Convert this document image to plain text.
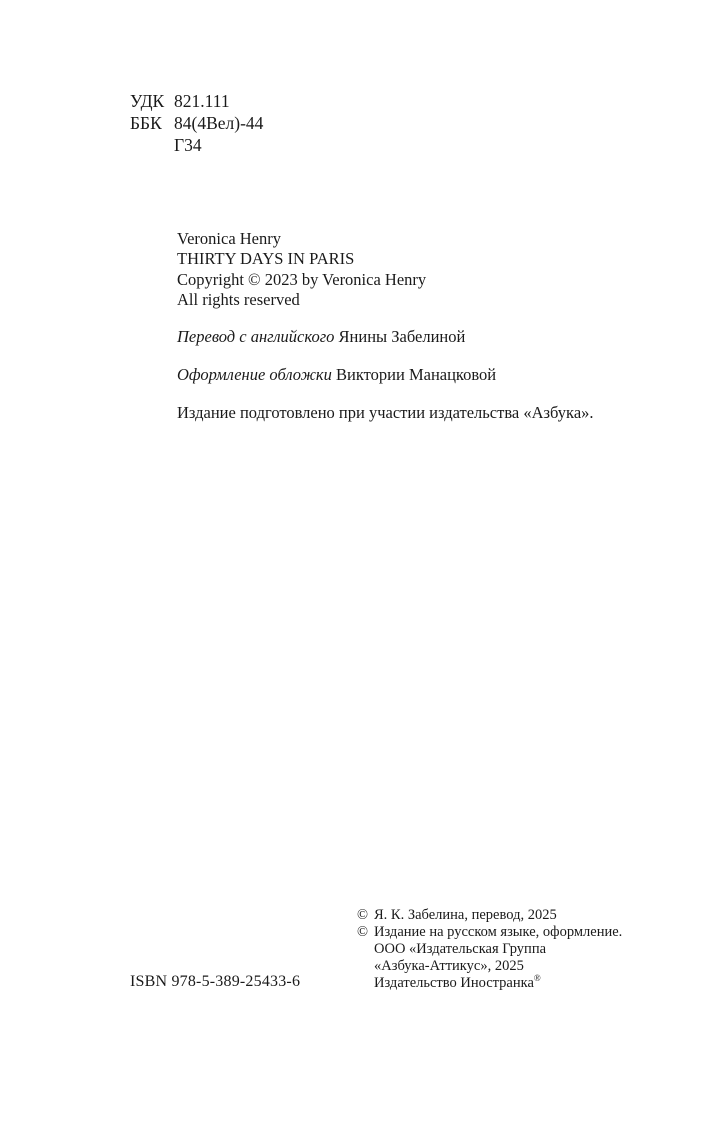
УДК 821.111
ББК 84(4Вел)-44
Г34
Veronica Henry
THIRTY DAYS IN PARIS
Copyright © 2023 by Veronica Henry
All rights reserved
Перевод с английского Янины Забелиной
Оформление обложки Виктории Манацковой
Издание подготовлено при участии издательства «Азбука».
© Я. К. Забелина, перевод, 2025
© Издание на русском языке, оформление.
ООО «Издательская Группа
«Азбука-Аттикус», 2025
Издательство Иностранка®
ISBN 978-5-389-25433-6
